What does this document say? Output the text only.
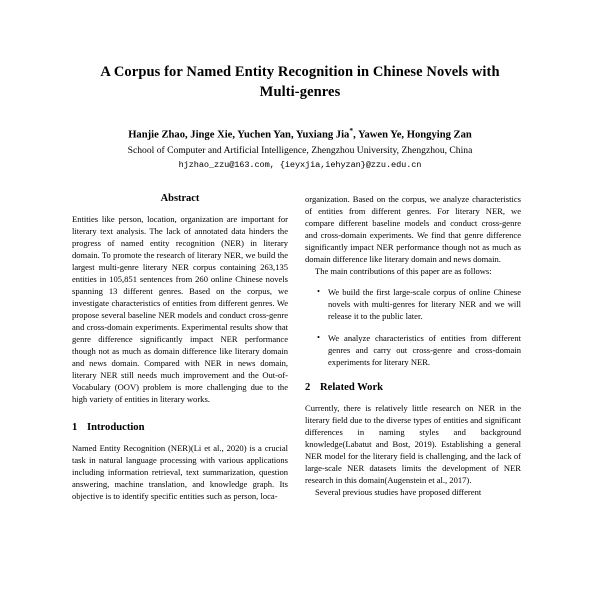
A Corpus for Named Entity Recognition in Chinese Novels with Multi-genres
Hanjie Zhao, Jinge Xie, Yuchen Yan, Yuxiang Jia*, Yawen Ye, Hongying Zan
School of Computer and Artificial Intelligence, Zhengzhou University, Zhengzhou, China
hjzhao_zzu@163.com, {ieyxjia,iehyzan}@zzu.edu.cn
Abstract

Entities like person, location, organization are important for literary text analysis. The lack of annotated data hinders the progress of named entity recognition (NER) in literary domain. To promote the research of literary NER, we build the largest multi-genre literary NER corpus containing 263,135 entities in 105,851 sentences from 260 online Chinese novels spanning 13 different genres. Based on the corpus, we investigate characteristics of entities from different genres. We propose several baseline NER models and conduct cross-genre and cross-domain experiments. Experimental results show that genre difference significantly impact NER performance though not as much as domain difference like literary domain and news domain. Compared with NER in news domain, literary NER still needs much improvement and the Out-of-Vocabulary (OOV) problem is more challenging due to the high variety of entities in literary works.

1 Introduction

Named Entity Recognition (NER)(Li et al., 2020) is a crucial task in natural language processing with various applications including information retrieval, text summarization, question answering, machine translation, and knowledge graph. Its objective is to identify specific entities such as person, loca-

organization. Based on the corpus, we analyze characteristics of entities from different genres. For literary NER, we compare different baseline models and conduct cross-genre and cross-domain experiments. We find that genre difference significantly impact NER performance though not as much as domain difference like literary domain and news domain.

The main contributions of this paper are as follows:

• We build the first large-scale corpus of online Chinese novels with multi-genres for literary NER and we will release it to the public later.
• We analyze characteristics of entities from different genres and carry out cross-genre and cross-domain experiments for literary NER.
2 Related Work

Currently, there is relatively little research on NER in the literary field due to the diverse types of entities and significant differences in naming styles and background knowledge(Labatut and Bost, 2019). Establishing a general NER model for the literary field is challenging, and the lack of large-scale NER datasets limits the development of NER research in this domain(Augenstein et al., 2017).

Several previous studies have proposed different
